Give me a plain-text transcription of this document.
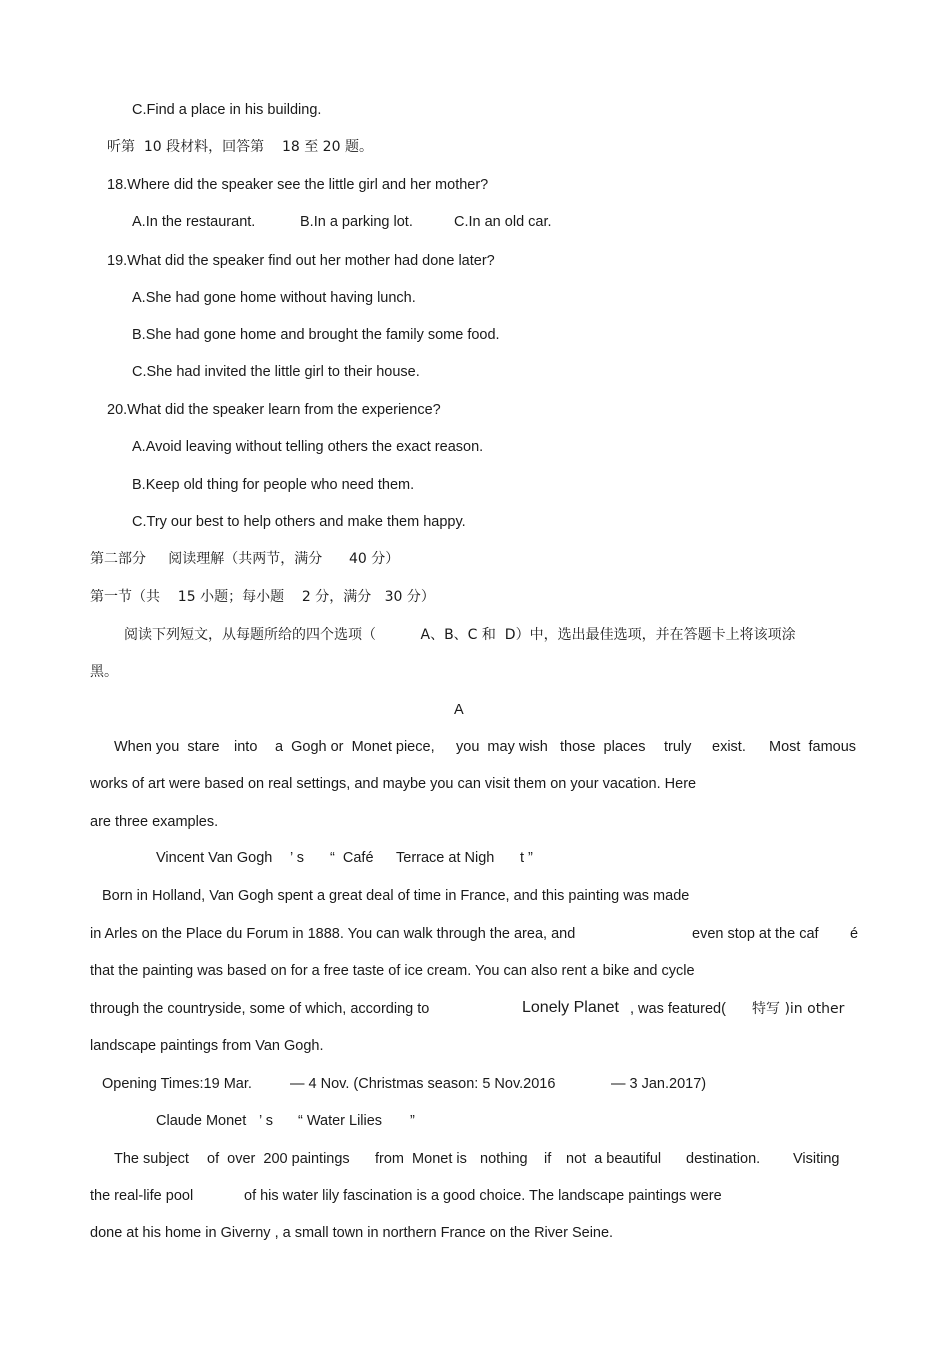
C.Find a place in his building.
听第  10 段材料，回答第    18 至 20 题。
18.Where did the speaker see the little girl and her mother?
A.In the restaurant.	B.In a parking lot.	C.In an old car.
19.What did the speaker find out her mother had done later?
A.She had gone home without having lunch.
B.She had gone home and brought the family some food.
C.She had invited the little girl to their house.
20.What did the speaker learn from the experience?
A.Avoid leaving without telling others the exact reason.
B.Keep old thing for people who need them.
C.Try our best to help others and make them happy.
第二部分     阅读理解（共两节，满分      40 分）
第一节（共    15 小题；每小题    2 分，满分   30 分）
阅读下列短文，从每题所给的四个选项（          A、B、C 和  D）中，选出最佳选项，并在答题卡上将该项涂
黑。
A
When you  stare into a  Gogh or  Monet piece, you  may wish those  places truly exist. Most  famous
works of art were based on real settings, and maybe you can visit them on your vacation. Here
are three examples.
Vincent Van Gogh ’ s “  Café Terrace at Nigh t ”
Born in Holland, Van Gogh spent a great deal of time in France, and this painting was made
in Arles on the Place du Forum in 1888. You can walk through the area, and	even stop at the caf é
that the painting was based on for a free taste of ice cream. You can also rent a bike and cycle
through the countryside, some of which, according to	Lonely Planet , was featured( 特写 )in other
landscape paintings from Van Gogh.
Opening Times:19 Mar.	— 4 Nov. (Christmas season: 5 Nov.2016	— 3 Jan.2017)
Claude Monet ’ s “ Water Lilies ”
The subject of  over  200 paintings from  Monet is nothing if not  a beautiful destination. Visiting
the real-life pool	of his water lily fascination is a good choice. The landscape paintings were
done at his home in Giverny , a small town in northern France on the River Seine.
